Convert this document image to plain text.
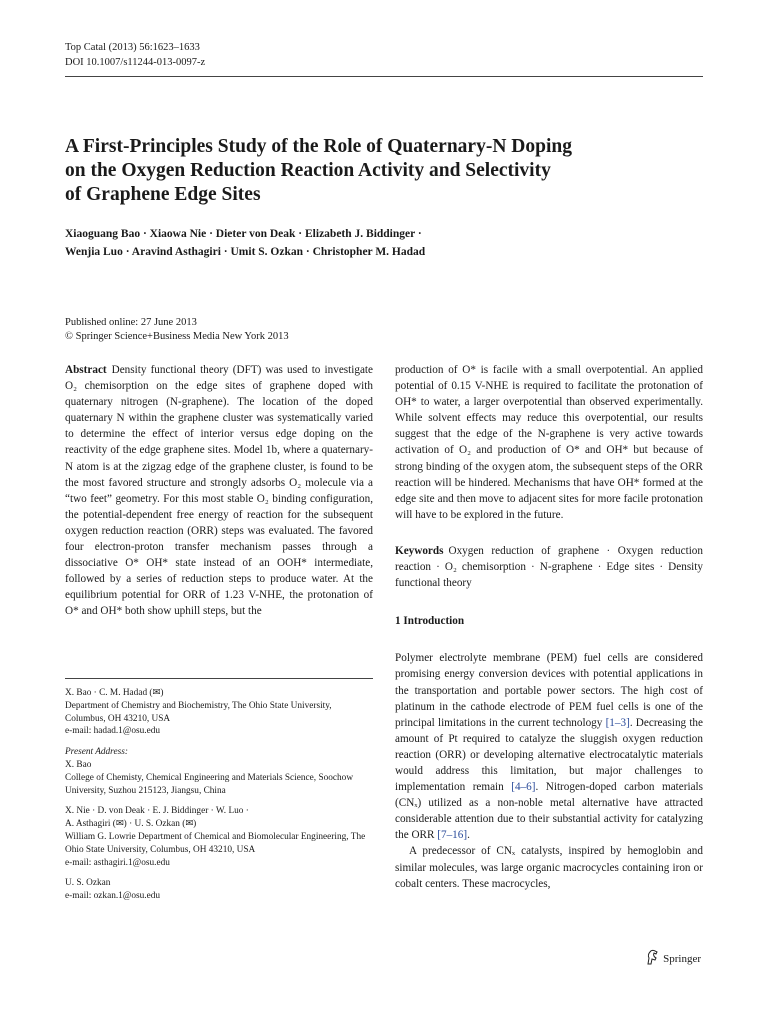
Top Catal (2013) 56:1623–1633
DOI 10.1007/s11244-013-0097-z
A First-Principles Study of the Role of Quaternary-N Doping
on the Oxygen Reduction Reaction Activity and Selectivity
of Graphene Edge Sites
Xiaoguang Bao · Xiaowa Nie · Dieter von Deak · Elizabeth J. Biddinger ·
Wenjia Luo · Aravind Asthagiri · Umit S. Ozkan · Christopher M. Hadad
Published online: 27 June 2013
© Springer Science+Business Media New York 2013

Abstract Density functional theory (DFT) was used to investigate O₂ chemisorption on the edge sites of graphene doped with quaternary nitrogen (N-graphene). The location of the doped quaternary N within the graphene cluster was systematically varied to determine the effect of interior versus edge doping on the reactivity of the edge graphene sites. Model 1b, where a quaternary-N atom is at the zigzag edge of the graphene cluster, is found to be the most favored structure and strongly adsorbs O₂ molecule via a “two feet” geometry. For this most stable O₂ binding configuration, the potential-dependent free energy of reaction for the subsequent oxygen reduction reaction (ORR) steps was evaluated. The favored four electron-proton transfer mechanism passes through a dissociative O* OH* state instead of an OOH* intermediate, followed by a series of reduction steps to produce water. At the equilibrium potential for ORR of 1.23 V-NHE, the protonation of O* and OH* both show uphill steps, but the

X. Bao · C. M. Hadad (✉)
Department of Chemistry and Biochemistry, The Ohio State University, Columbus, OH 43210, USA
e-mail: hadad.1@osu.edu
Present Address:
X. Bao
College of Chemisty, Chemical Engineering and Materials Science, Soochow University, Suzhou 215123, Jiangsu, China
X. Nie · D. von Deak · E. J. Biddinger · W. Luo ·
A. Asthagiri (✉) · U. S. Ozkan (✉)
William G. Lowrie Department of Chemical and Biomolecular Engineering, The Ohio State University, Columbus, OH 43210, USA
e-mail: asthagiri.1@osu.edu
U. S. Ozkan
e-mail: ozkan.1@osu.edu

production of O* is facile with a small overpotential. An applied potential of 0.15 V-NHE is required to facilitate the protonation of OH* to water, a larger overpotential than observed experimentally. While solvent effects may reduce this overpotential, our results suggest that the edge of the N-graphene is very active towards activation of O₂ and production of O* and OH* but because of strong binding of the oxygen atom, the subsequent steps of the ORR reaction will be hindered. Mechanisms that have OH* formed at the edge site and then move to adjacent sites for more facile protonation will have to be explored in the future.

Keywords Oxygen reduction of graphene · Oxygen reduction reaction · O₂ chemisorption · N-graphene · Edge sites · Density functional theory

1 Introduction

Polymer electrolyte membrane (PEM) fuel cells are considered promising energy conversion devices with potential applications in the transportation and portable power sectors. The high cost of platinum in the cathode electrode of PEM fuel cells is one of the principal limitations in the current technology [1–3]. Decreasing the amount of Pt required to catalyze the sluggish oxygen reduction reaction (ORR) or developing alternative electrocatalytic materials would address this limitation, but major challenges to implementation remain [4–6]. Nitrogen-doped carbon materials (CNₓ) utilized as a non-noble metal alternative have attracted considerable attention due to their substantial activity for catalyzing the ORR [7–16].

A predecessor of CNₓ catalysts, inspired by hemoglobin and similar molecules, was large organic macrocycles containing iron or cobalt centers. These macrocycles,

Springer
